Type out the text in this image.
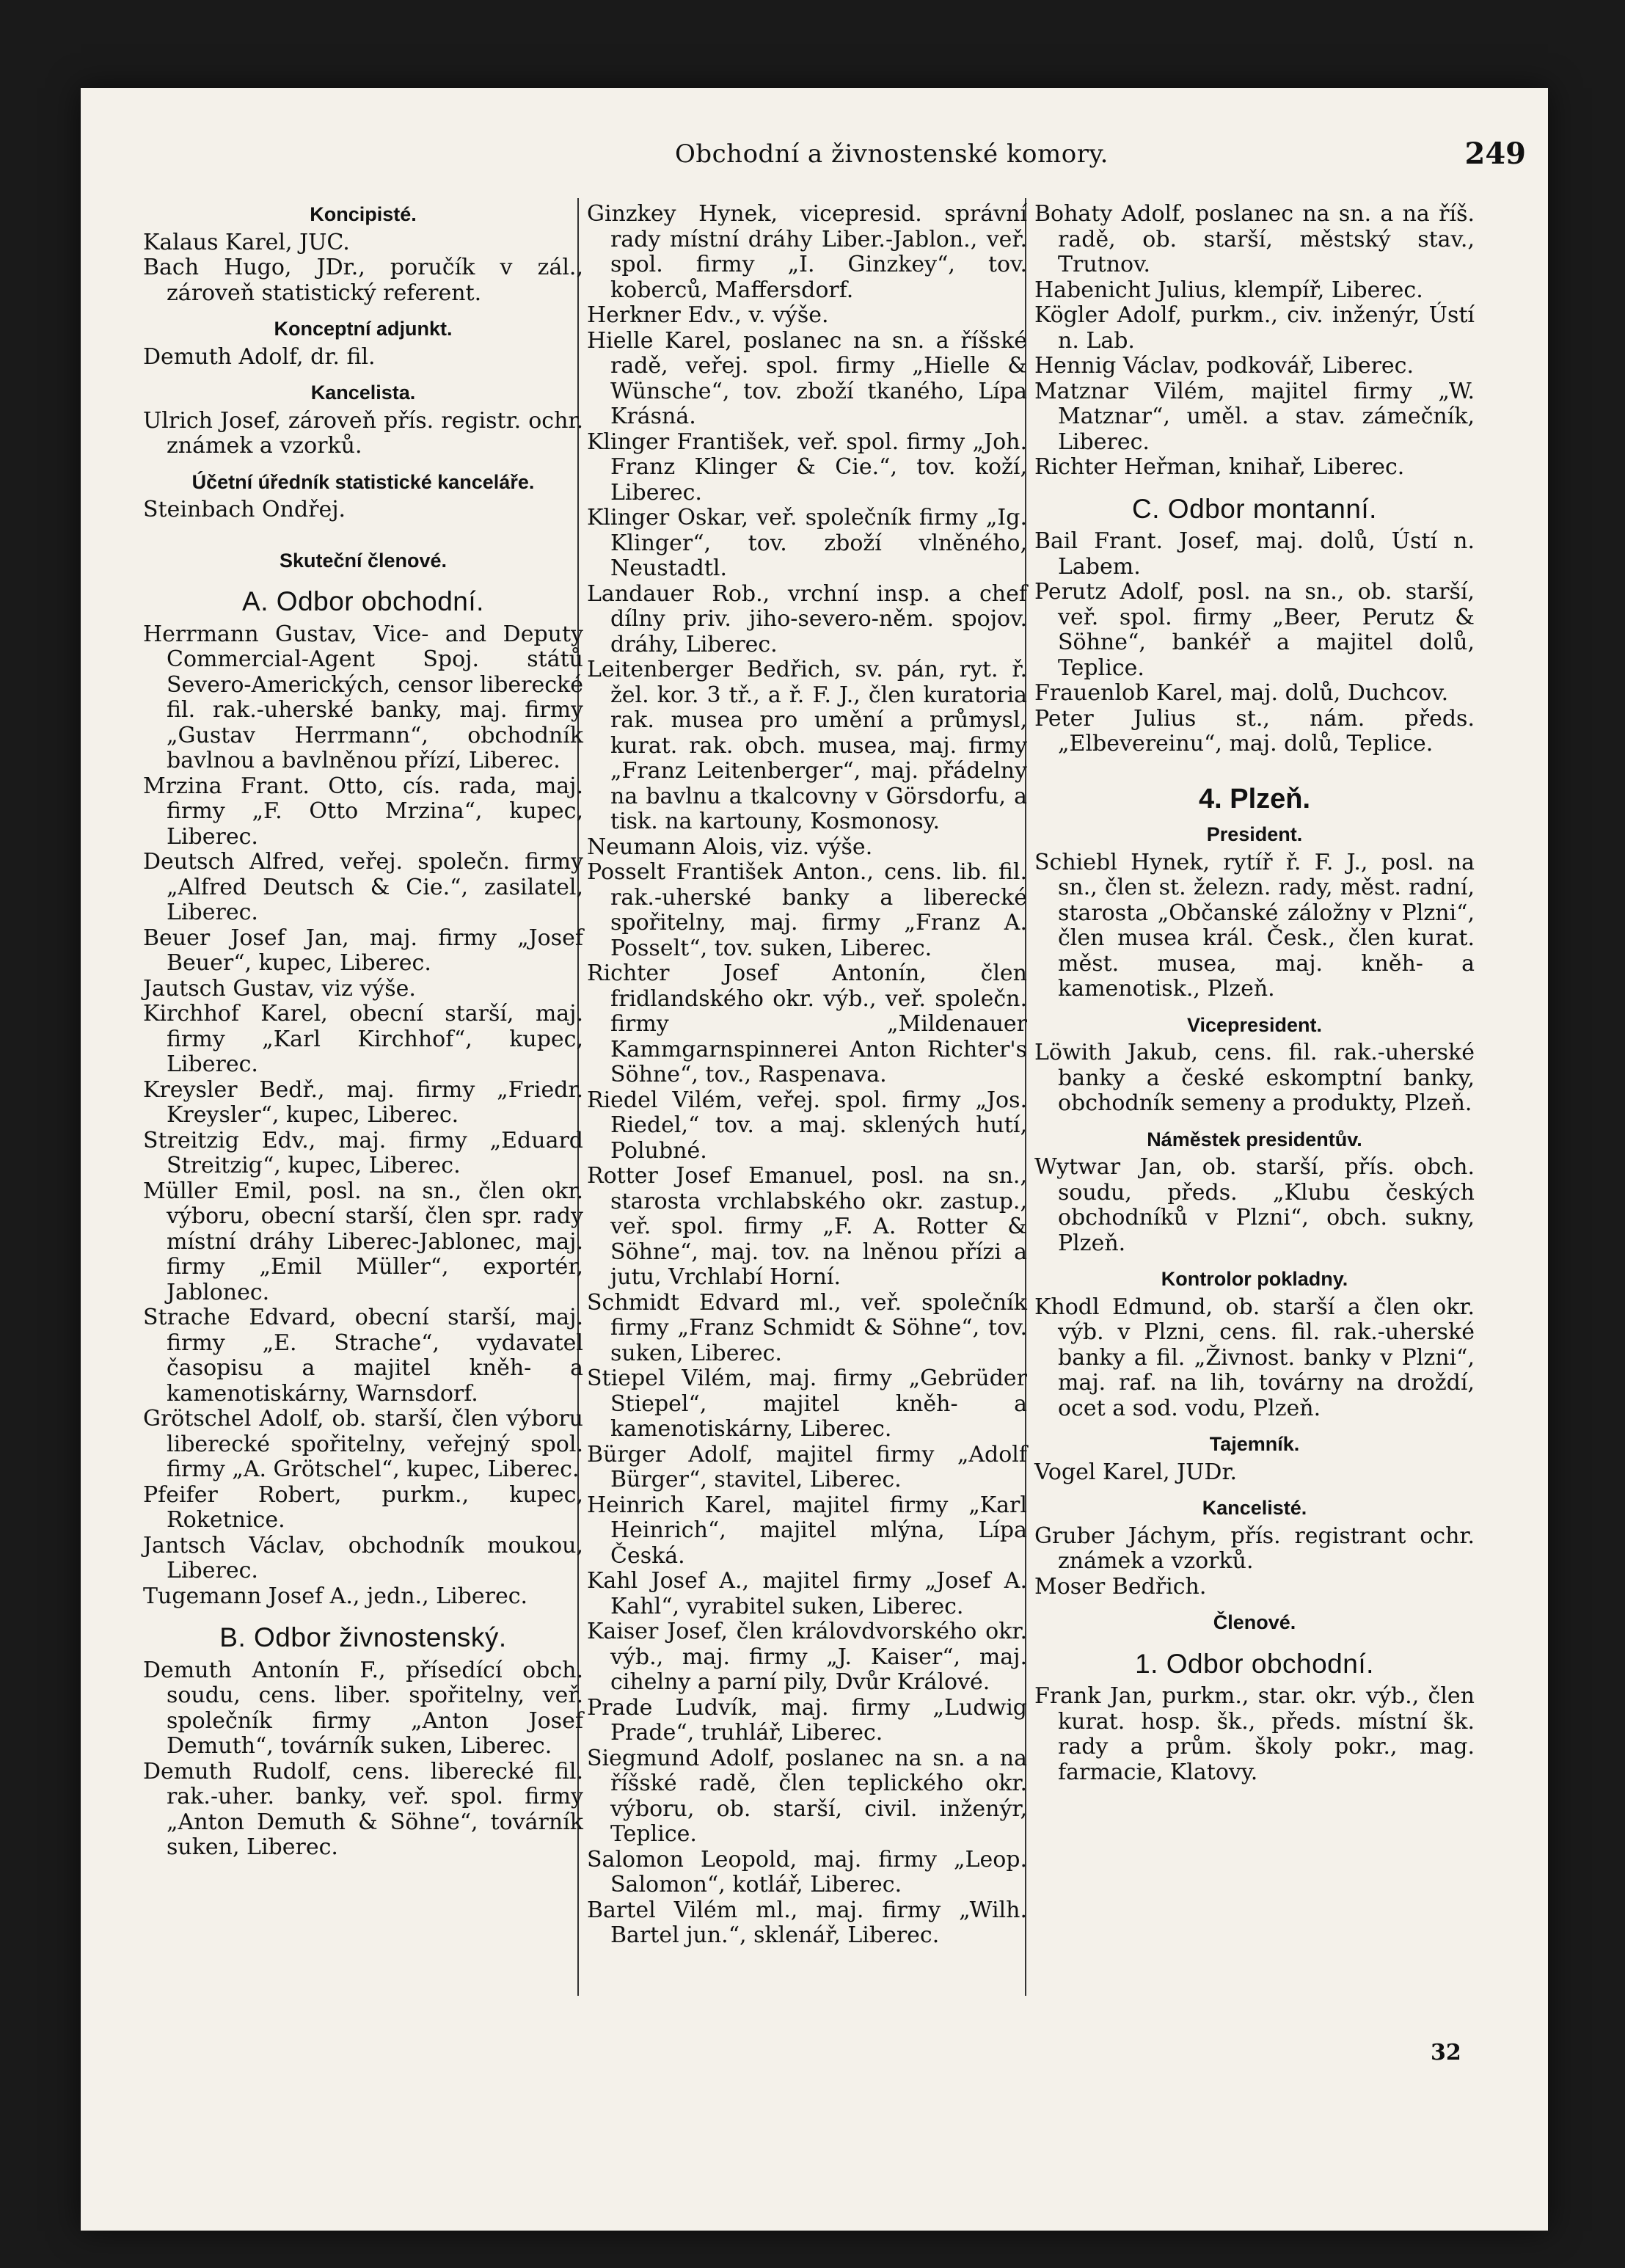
Obchodní a živnostenské komory.	249
Koncipisté.
Kalaus Karel, JUC.
Bach Hugo, JDr., poručík v zál., zároveň statistický referent.
Konceptní adjunkt.
Demuth Adolf, dr. fil.
Kancelista.
Ulrich Josef, zároveň přís. registr. ochr. známek a vzorků.
Účetní úředník statistické kanceláře.
Steinbach Ondřej.
Skuteční členové.
A. Odbor obchodní.
Herrmann Gustav, Vice- and Deputy Commercial-Agent Spoj. států Severo-Amerických, censor liberecké fil. rak.-uherské banky, maj. firmy „Gustav Herrmann“, obchodník bavlnou a bavlněnou přízí, Liberec.
Mrzina Frant. Otto, cís. rada, maj. firmy „F. Otto Mrzina“, kupec, Liberec.
Deutsch Alfred, veřej. společn. firmy „Alfred Deutsch & Cie.“, zasilatel, Liberec.
Beuer Josef Jan, maj. firmy „Josef Beuer“, kupec, Liberec.
Jautsch Gustav, viz výše.
Kirchhof Karel, obecní starší, maj. firmy „Karl Kirchhof“, kupec, Liberec.
Kreysler Bedř., maj. firmy „Friedr. Kreysler“, kupec, Liberec.
Streitzig Edv., maj. firmy „Eduard Streitzig“, kupec, Liberec.
Müller Emil, posl. na sn., člen okr. výboru, obecní starší, člen spr. rady místní dráhy Liberec-Jablonec, maj. firmy „Emil Müller“, exportér, Jablonec.
Strache Edvard, obecní starší, maj. firmy „E. Strache“, vydavatel časopisu a majitel kněh- a kamenotiskárny, Warnsdorf.
Grötschel Adolf, ob. starší, člen výboru liberecké spořitelny, veřejný spol. firmy „A. Grötschel“, kupec, Liberec.
Pfeifer Robert, purkm., kupec, Roketnice.
Jantsch Václav, obchodník moukou, Liberec.
Tugemann Josef A., jedn., Liberec.
B. Odbor živnostenský.
Demuth Antonín F., přísedící obch. soudu, cens. liber. spořitelny, veř. společník firmy „Anton Josef Demuth“, továrník suken, Liberec.
Demuth Rudolf, cens. liberecké fil. rak.-uher. banky, veř. spol. firmy „Anton Demuth & Söhne“, továrník suken, Liberec.
Ginzkey Hynek, vicepresid. správní rady místní dráhy Liber.-Jablon., veř. spol. firmy „I. Ginzkey“, tov. koberců, Maffersdorf.
Herkner Edv., v. výše.
Hielle Karel, poslanec na sn. a říšské radě, veřej. spol. firmy „Hielle & Wünsche“, tov. zboží tkaného, Lípa Krásná.
Klinger František, veř. spol. firmy „Joh. Franz Klinger & Cie.“, tov. koží, Liberec.
Klinger Oskar, veř. společník firmy „Ig. Klinger“, tov. zboží vlněného, Neustadtl.
Landauer Rob., vrchní insp. a chef dílny priv. jiho-severo-něm. spojov. dráhy, Liberec.
Leitenberger Bedřich, sv. pán, ryt. ř. žel. kor. 3 tř., a ř. F. J., člen kuratoria rak. musea pro umění a průmysl, kurat. rak. obch. musea, maj. firmy „Franz Leitenberger“, maj. přádelny na bavlnu a tkalcovny v Görsdorfu, a tisk. na kartouny, Kosmonosy.
Neumann Alois, viz. výše.
Posselt František Anton., cens. lib. fil. rak.-uherské banky a liberecké spořitelny, maj. firmy „Franz A. Posselt“, tov. suken, Liberec.
Richter Josef Antonín, člen fridlandského okr. výb., veř. společn. firmy „Mildenauer Kammgarnspinnerei Anton Richter's Söhne“, tov., Raspenava.
Riedel Vilém, veřej. spol. firmy „Jos. Riedel,“ tov. a maj. sklených hutí, Polubné.
Rotter Josef Emanuel, posl. na sn., starosta vrchlabského okr. zastup., veř. spol. firmy „F. A. Rotter & Söhne“, maj. tov. na lněnou přízi a jutu, Vrchlabí Horní.
Schmidt Edvard ml., veř. společník firmy „Franz Schmidt & Söhne“, tov. suken, Liberec.
Stiepel Vilém, maj. firmy „Gebrüder Stiepel“, majitel kněh- a kamenotiskárny, Liberec.
Bürger Adolf, majitel firmy „Adolf Bürger“, stavitel, Liberec.
Heinrich Karel, majitel firmy „Karl Heinrich“, majitel mlýna, Lípa Česká.
Kahl Josef A., majitel firmy „Josef A. Kahl“, vyrabitel suken, Liberec.
Kaiser Josef, člen královdvorského okr. výb., maj. firmy „J. Kaiser“, maj. cihelny a parní pily, Dvůr Králové.
Prade Ludvík, maj. firmy „Ludwig Prade“, truhlář, Liberec.
Siegmund Adolf, poslanec na sn. a na říšské radě, člen teplického okr. výboru, ob. starší, civil. inženýr, Teplice.
Salomon Leopold, maj. firmy „Leop. Salomon“, kotlář, Liberec.
Bartel Vilém ml., maj. firmy „Wilh. Bartel jun.“, sklenář, Liberec.
Bohaty Adolf, poslanec na sn. a na říš. radě, ob. starší, městský stav., Trutnov.
Habenicht Julius, klempíř, Liberec.
Kögler Adolf, purkm., civ. inženýr, Ústí n. Lab.
Hennig Václav, podkovář, Liberec.
Matznar Vilém, majitel firmy „W. Matznar“, uměl. a stav. zámečník, Liberec.
Richter Heřman, knihař, Liberec.
C. Odbor montanní.
Bail Frant. Josef, maj. dolů, Ústí n. Labem.
Perutz Adolf, posl. na sn., ob. starší, veř. spol. firmy „Beer, Perutz & Söhne“, bankéř a majitel dolů, Teplice.
Frauenlob Karel, maj. dolů, Duchcov.
Peter Julius st., nám. předs. „Elbevereinu“, maj. dolů, Teplice.
4. Plzeň.
President.
Schiebl Hynek, rytíř ř. F. J., posl. na sn., člen st. železn. rady, měst. radní, starosta „Občanské záložny v Plzni“, člen musea král. Česk., člen kurat. měst. musea, maj. kněh- a kamenotisk., Plzeň.
Vicepresident.
Löwith Jakub, cens. fil. rak.-uherské banky a české eskomptní banky, obchodník semeny a produkty, Plzeň.
Náměstek presidentův.
Wytwar Jan, ob. starší, přís. obch. soudu, předs. „Klubu českých obchodníků v Plzni“, obch. sukny, Plzeň.
Kontrolor pokladny.
Khodl Edmund, ob. starší a člen okr. výb. v Plzni, cens. fil. rak.-uherské banky a fil. „Živnost. banky v Plzni“, maj. raf. na lih, továrny na droždí, ocet a sod. vodu, Plzeň.
Tajemník.
Vogel Karel, JUDr.
Kancelisté.
Gruber Jáchym, přís. registrant ochr. známek a vzorků.
Moser Bedřich.
Členové.
1. Odbor obchodní.
Frank Jan, purkm., star. okr. výb., člen kurat. hosp. šk., předs. místní šk. rady a prům. školy pokr., mag. farmacie, Klatovy.
32
